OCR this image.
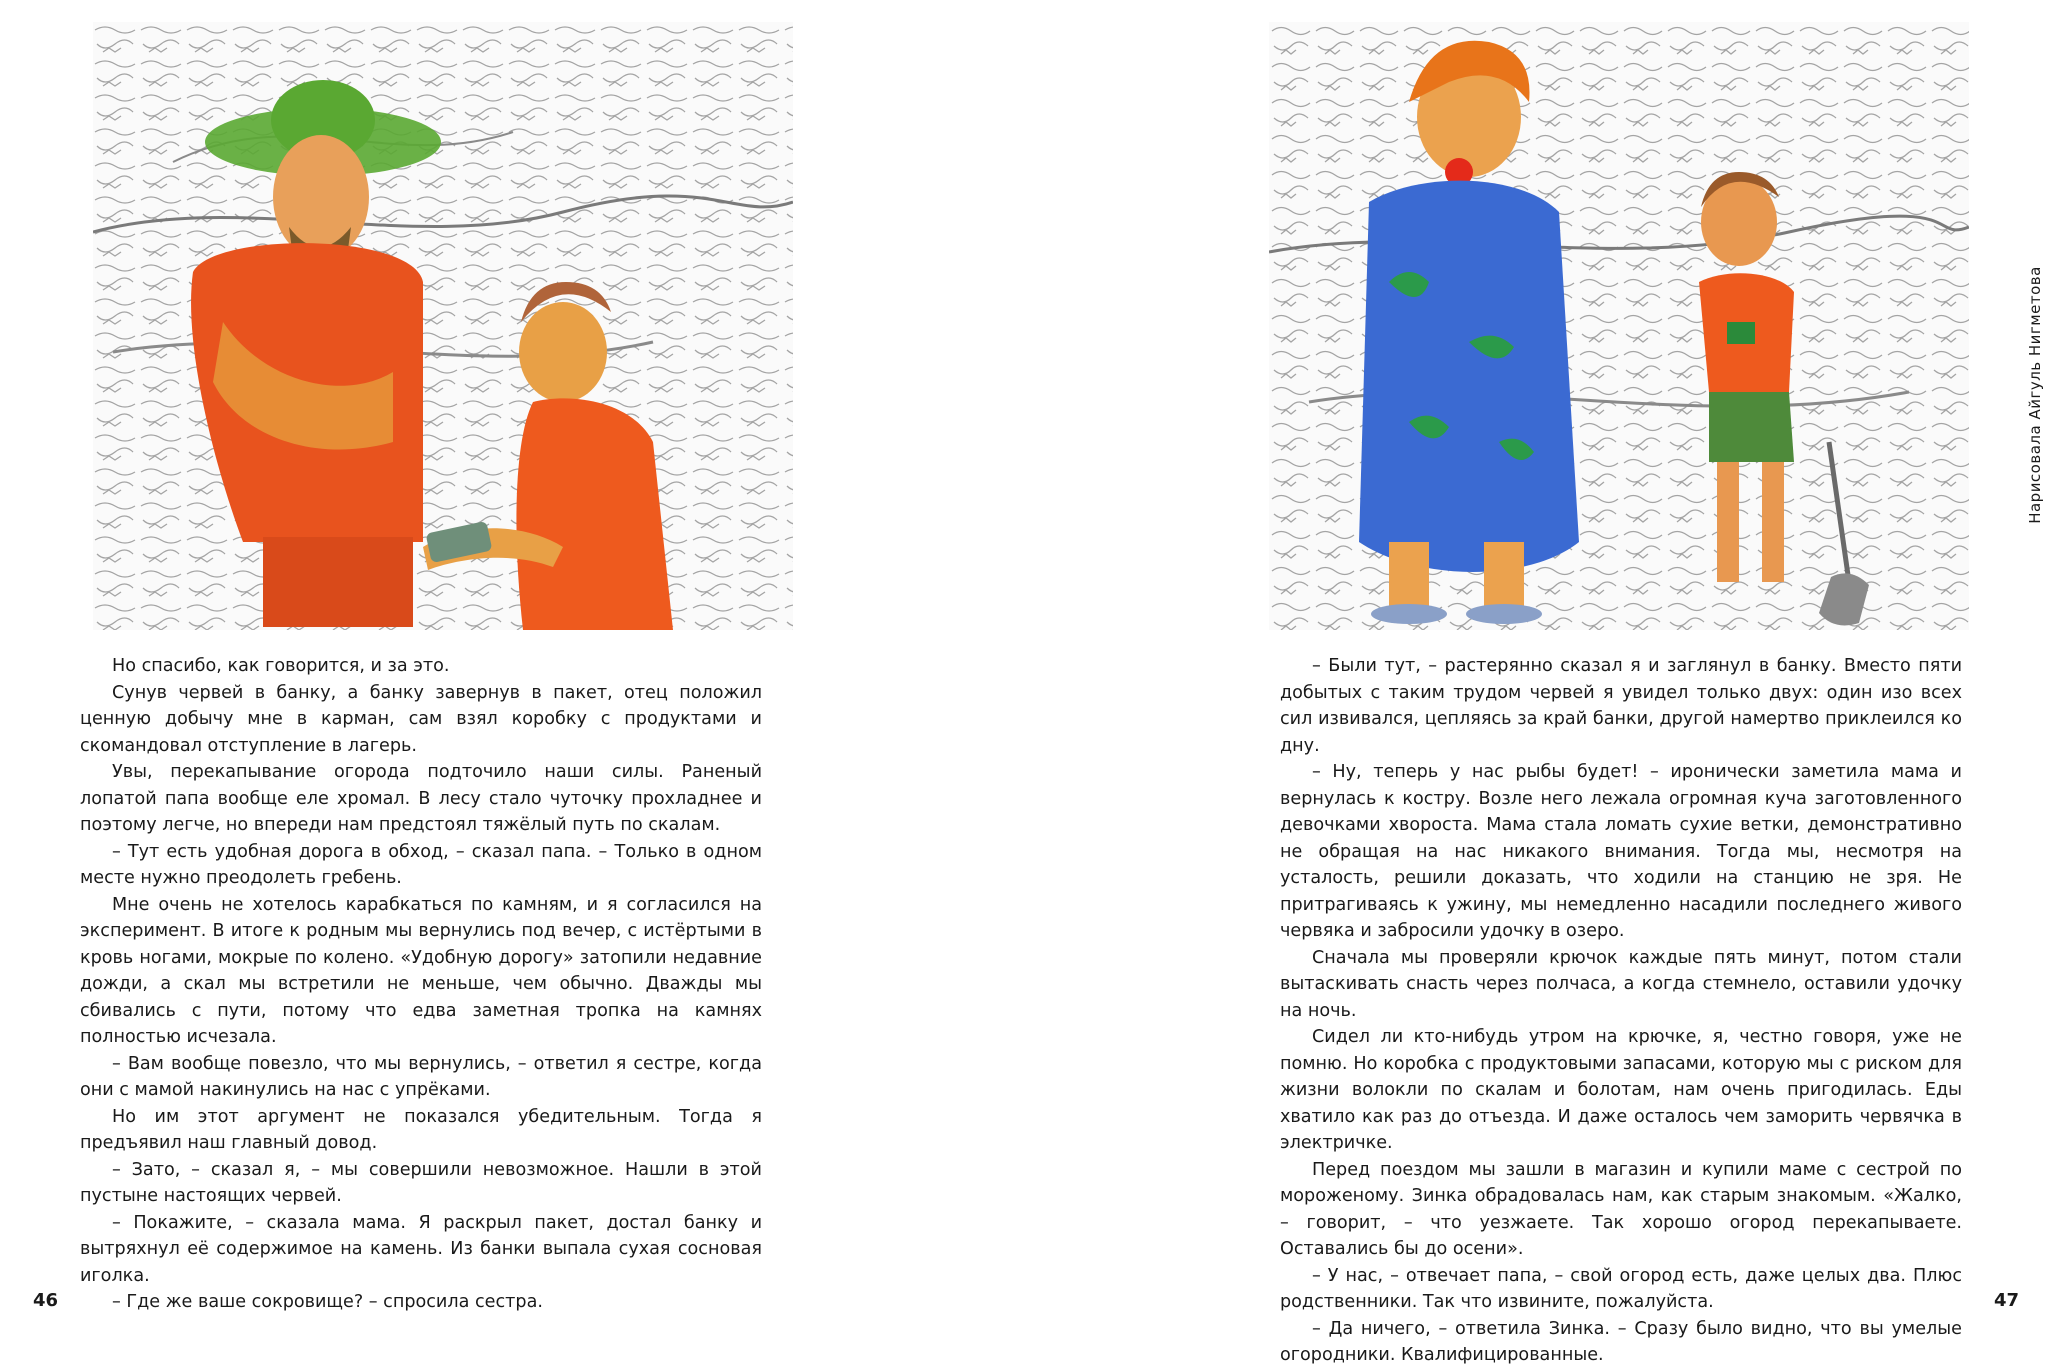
Но спасибо, как говорится, и за это.

Сунув червей в банку, а банку завернув в пакет, отец положил ценную добычу мне в карман, сам взял коробку с продуктами и скомандовал отступление в лагерь.

Увы, перекапывание огорода подточило наши силы. Раненый лопатой папа вообще еле хромал. В лесу стало чуточку прохладнее и поэтому легче, но впереди нам предстоял тяжёлый путь по скалам.

– Тут есть удобная дорога в обход, – сказал папа. – Только в одном месте нужно преодолеть гребень.

Мне очень не хотелось карабкаться по камням, и я согласился на эксперимент. В итоге к родным мы вернулись под вечер, с истёртыми в кровь ногами, мокрые по колено. «Удобную дорогу» затопили недавние дожди, а скал мы встретили не меньше, чем обычно. Дважды мы сбивались с пути, потому что едва заметная тропка на камнях полностью исчезала.

– Вам вообще повезло, что мы вернулись, – ответил я сестре, когда они с мамой накинулись на нас с упрёками.

Но им этот аргумент не показался убедительным. Тогда я предъявил наш главный довод.

– Зато, – сказал я, – мы совершили невозможное. Нашли в этой пустыне настоящих червей.

– Покажите, – сказала мама. Я раскрыл пакет, достал банку и вытряхнул её содержимое на камень. Из банки выпала сухая сосновая иголка.

– Где же ваше сокровище? – спросила сестра.

46
Нарисовала Айгуль Нигметова

– Были тут, – растерянно сказал я и заглянул в банку. Вместо пяти добытых с таким трудом червей я увидел только двух: один изо всех сил извивался, цепляясь за край банки, другой намертво приклеился ко дну.

– Ну, теперь у нас рыбы будет! – иронически заметила мама и вернулась к костру. Возле него лежала огромная куча заготовленного девочками хвороста. Мама стала ломать сухие ветки, демонстративно не обращая на нас никакого внимания. Тогда мы, несмотря на усталость, решили доказать, что ходили на станцию не зря. Не притрагиваясь к ужину, мы немедленно насадили последнего живого червяка и забросили удочку в озеро.

Сначала мы проверяли крючок каждые пять минут, потом стали вытаскивать снасть через полчаса, а когда стемнело, оставили удочку на ночь.

Сидел ли кто-нибудь утром на крючке, я, честно говоря, уже не помню. Но коробка с продуктовыми запасами, которую мы с риском для жизни волокли по скалам и болотам, нам очень пригодилась. Еды хватило как раз до отъезда. И даже осталось чем заморить червячка в электричке.

Перед поездом мы зашли в магазин и купили маме с сестрой по мороженому. Зинка обрадовалась нам, как старым знакомым. «Жалко, – говорит, – что уезжаете. Так хорошо огород перекапываете. Оставались бы до осени».

– У нас, – отвечает папа, – свой огород есть, даже целых два. Плюс родственники. Так что извините, пожалуйста.

– Да ничего, – ответила Зинка. – Сразу было видно, что вы умелые огородники. Квалифицированные.

47
